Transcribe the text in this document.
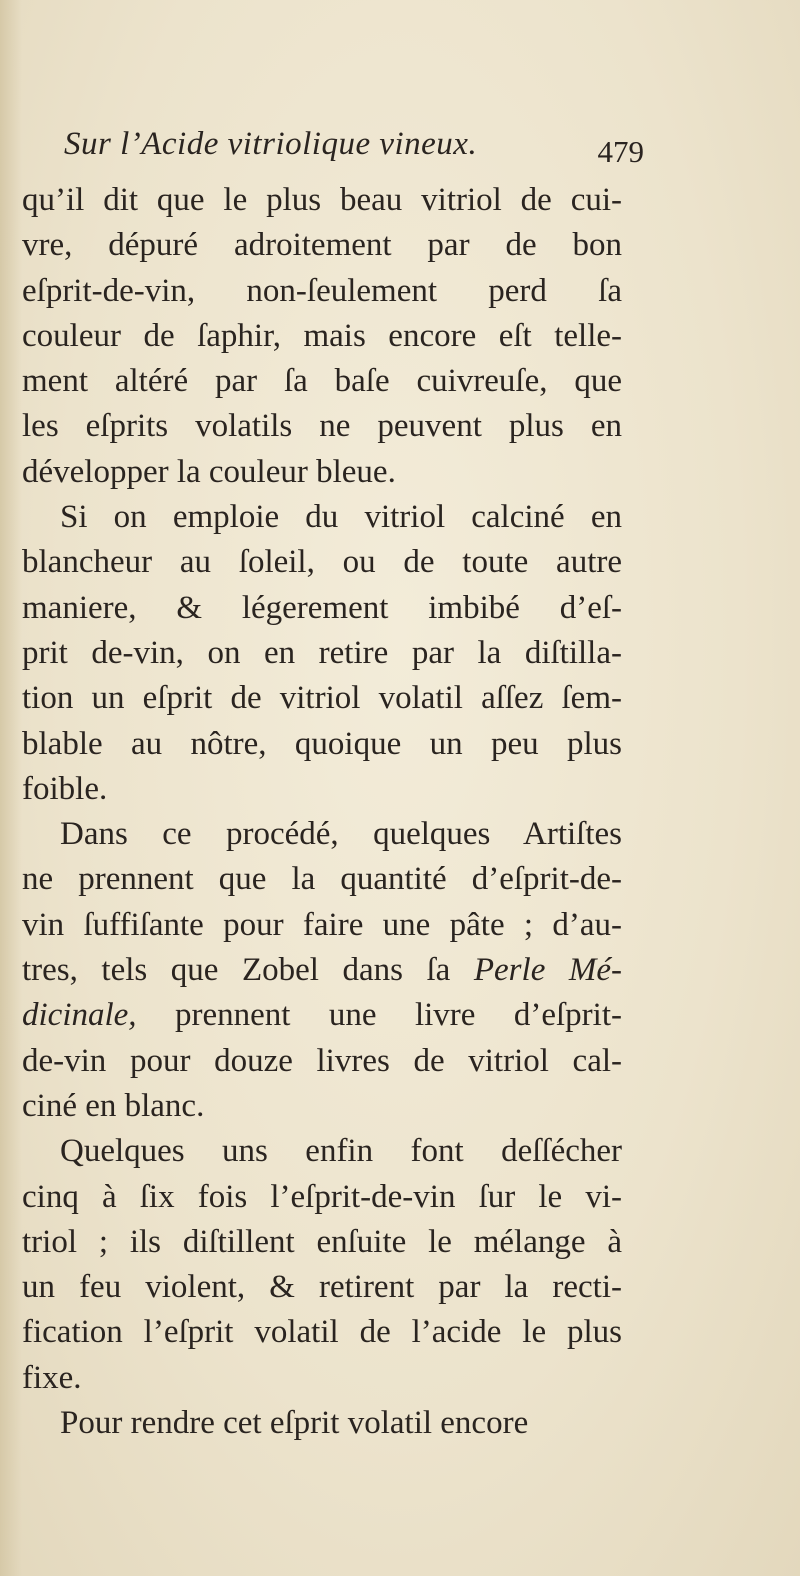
Sur l’Acide vitriolique vineux.	479
qu’il dit que le plus beau vitriol de cui-
vre, dépuré adroitement par de bon
eſprit-de-vin, non-ſeulement perd ſa
couleur de ſaphir, mais encore eſt telle-
ment altéré par ſa baſe cuivreuſe, que
les eſprits volatils ne peuvent plus en
développer la couleur bleue.
Si on emploie du vitriol calciné en
blancheur au ſoleil, ou de toute autre
maniere, & légerement imbibé d’eſ-
prit de-vin, on en retire par la diſtilla-
tion un eſprit de vitriol volatil aſſez ſem-
blable au nôtre, quoique un peu plus
foible.
Dans ce procédé, quelques Artiſtes
ne prennent que la quantité d’eſprit-de-
vin ſuffiſante pour faire une pâte ; d’au-
tres, tels que Zobel dans ſa Perle Mé-
dicinale, prennent une livre d’eſprit-
de-vin pour douze livres de vitriol cal-
ciné en blanc.
Quelques uns enfin font deſſécher
cinq à ſix fois l’eſprit-de-vin ſur le vi-
triol ; ils diſtillent enſuite le mélange à
un feu violent, & retirent par la recti-
fication l’eſprit volatil de l’acide le plus
fixe.
Pour rendre cet eſprit volatil encore
